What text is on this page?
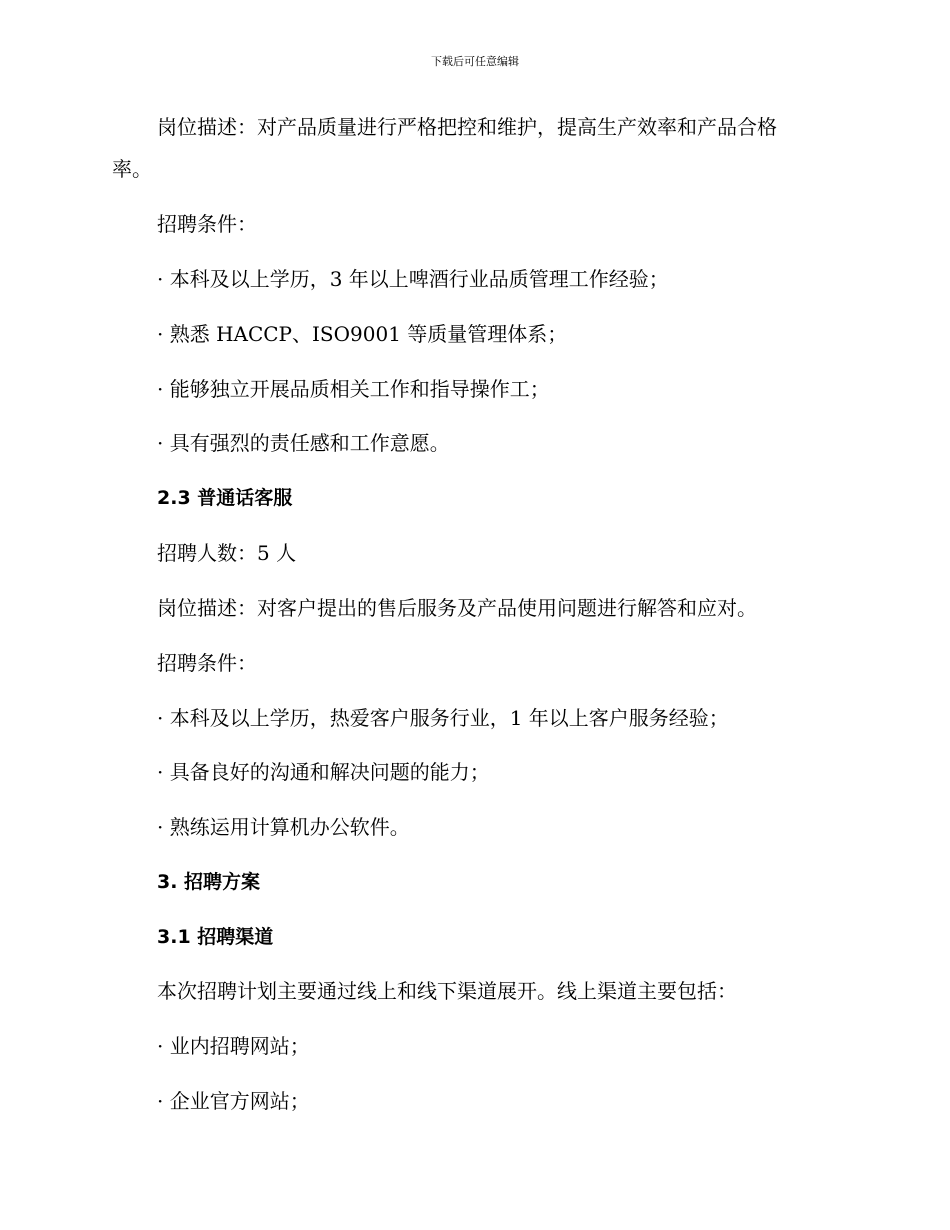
下载后可任意编辑
岗位描述：对产品质量进行严格把控和维护，提高生产效率和产品合格
率。
招聘条件：
· 本科及以上学历，3 年以上啤酒行业品质管理工作经验；
· 熟悉 HACCP、ISO9001 等质量管理体系；
· 能够独立开展品质相关工作和指导操作工；
· 具有强烈的责任感和工作意愿。
2.3 普通话客服
招聘人数：5 人
岗位描述：对客户提出的售后服务及产品使用问题进行解答和应对。
招聘条件：
· 本科及以上学历，热爱客户服务行业，1 年以上客户服务经验；
· 具备良好的沟通和解决问题的能力；
· 熟练运用计算机办公软件。
3. 招聘方案
3.1 招聘渠道
本次招聘计划主要通过线上和线下渠道展开。线上渠道主要包括：
· 业内招聘网站；
· 企业官方网站；
